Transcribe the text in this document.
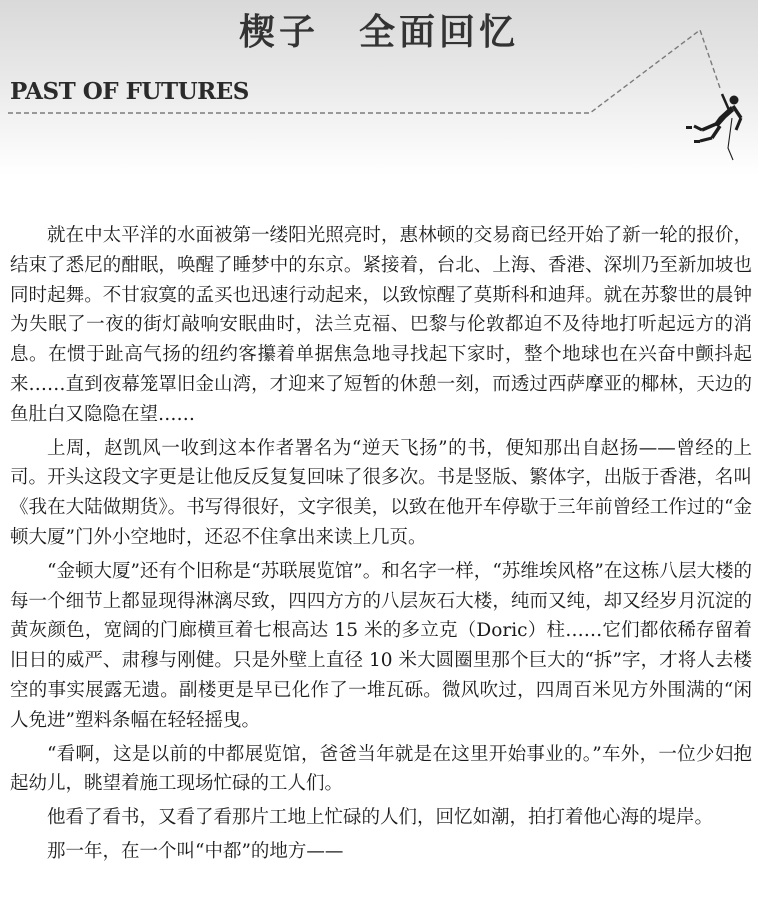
楔子　全面回忆
PAST OF FUTURES

就在中太平洋的水面被第一缕阳光照亮时，惠林顿的交易商已经开始了新一轮的报价，结束了悉尼的酣眠，唤醒了睡梦中的东京。紧接着，台北、上海、香港、深圳乃至新加坡也同时起舞。不甘寂寞的孟买也迅速行动起来，以致惊醒了莫斯科和迪拜。就在苏黎世的晨钟为失眠了一夜的街灯敲响安眠曲时，法兰克福、巴黎与伦敦都迫不及待地打听起远方的消息。在惯于趾高气扬的纽约客攥着单据焦急地寻找起下家时，整个地球也在兴奋中颤抖起来……直到夜幕笼罩旧金山湾，才迎来了短暂的休憩一刻，而透过西萨摩亚的椰林，天边的鱼肚白又隐隐在望……

上周，赵凯风一收到这本作者署名为“逆天飞扬”的书，便知那出自赵扬——曾经的上司。开头这段文字更是让他反反复复回味了很多次。书是竖版、繁体字，出版于香港，名叫《我在大陆做期货》。书写得很好，文字很美，以致在他开车停歇于三年前曾经工作过的“金顿大厦”门外小空地时，还忍不住拿出来读上几页。

“金顿大厦”还有个旧称是“苏联展览馆”。和名字一样，“苏维埃风格”在这栋八层大楼的每一个细节上都显现得淋漓尽致，四四方方的八层灰石大楼，纯而又纯，却又经岁月沉淀的黄灰颜色，宽阔的门廊横亘着七根高达 15 米的多立克（Doric）柱……它们都依稀存留着旧日的威严、肃穆与刚健。只是外壁上直径 10 米大圆圈里那个巨大的“拆”字，才将人去楼空的事实展露无遗。副楼更是早已化作了一堆瓦砾。微风吹过，四周百米见方外围满的“闲人免进”塑料条幅在轻轻摇曳。

“看啊，这是以前的中都展览馆，爸爸当年就是在这里开始事业的。”车外，一位少妇抱起幼儿，眺望着施工现场忙碌的工人们。

他看了看书，又看了看那片工地上忙碌的人们，回忆如潮，拍打着他心海的堤岸。

那一年，在一个叫“中都”的地方——
